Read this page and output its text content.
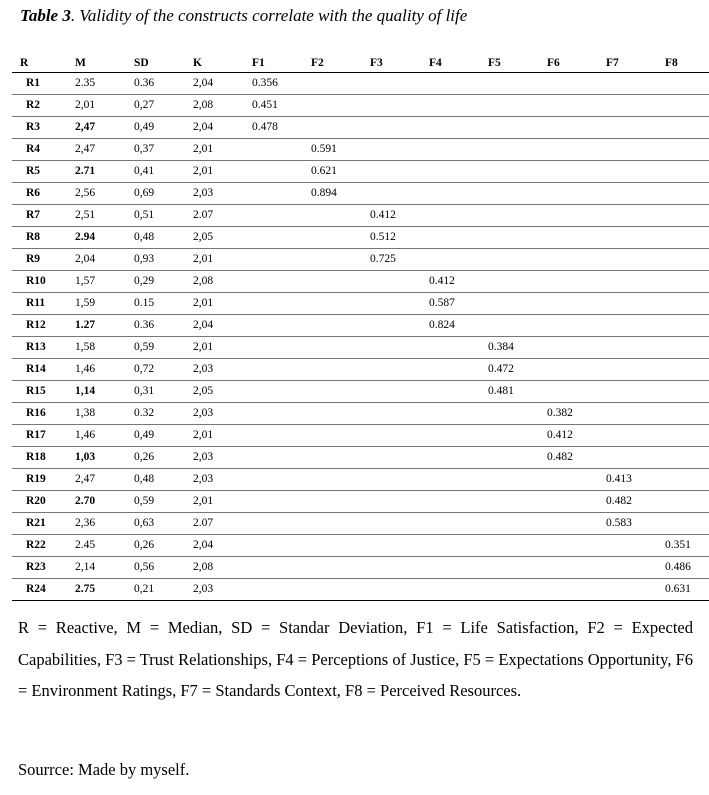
Table 3. Validity of the constructs correlate with the quality of life
R	M	SD	K	F1	F2	F3	F4	F5	F6	F7	F8
R1	2.35	0.36	2,04	0.356							
R2	2,01	0,27	2,08	0.451							
R3	2,47	0,49	2,04	0.478							
R4	2,47	0,37	2,01		0.591						
R5	2.71	0,41	2,01		0.621						
R6	2,56	0,69	2,03		0.894						
R7	2,51	0,51	2.07			0.412					
R8	2.94	0,48	2,05			0.512					
R9	2,04	0,93	2,01			0.725					
R10	1,57	0,29	2,08				0.412				
R11	1,59	0.15	2,01				0.587				
R12	1.27	0.36	2,04				0.824				
R13	1,58	0,59	2,01					0.384			
R14	1,46	0,72	2,03					0.472			
R15	1,14	0,31	2,05					0.481			
R16	1,38	0.32	2,03						0.382		
R17	1,46	0,49	2,01						0.412		
R18	1,03	0,26	2,03						0.482		
R19	2,47	0,48	2,03							0.413	
R20	2.70	0,59	2,01							0.482	
R21	2,36	0,63	2.07							0.583	
R22	2.45	0,26	2,04								0.351
R23	2,14	0,56	2,08								0.486
R24	2.75	0,21	2,03								0.631
R = Reactive, M = Median, SD = Standar Deviation, F1 = Life Satisfaction, F2 = Expected Capabilities, F3 = Trust Relationships, F4 = Perceptions of Justice, F5 = Expectations Opportunity, F6 = Environment Ratings, F7 = Standards Context, F8 = Perceived Resources.
Sourrce: Made by myself.
